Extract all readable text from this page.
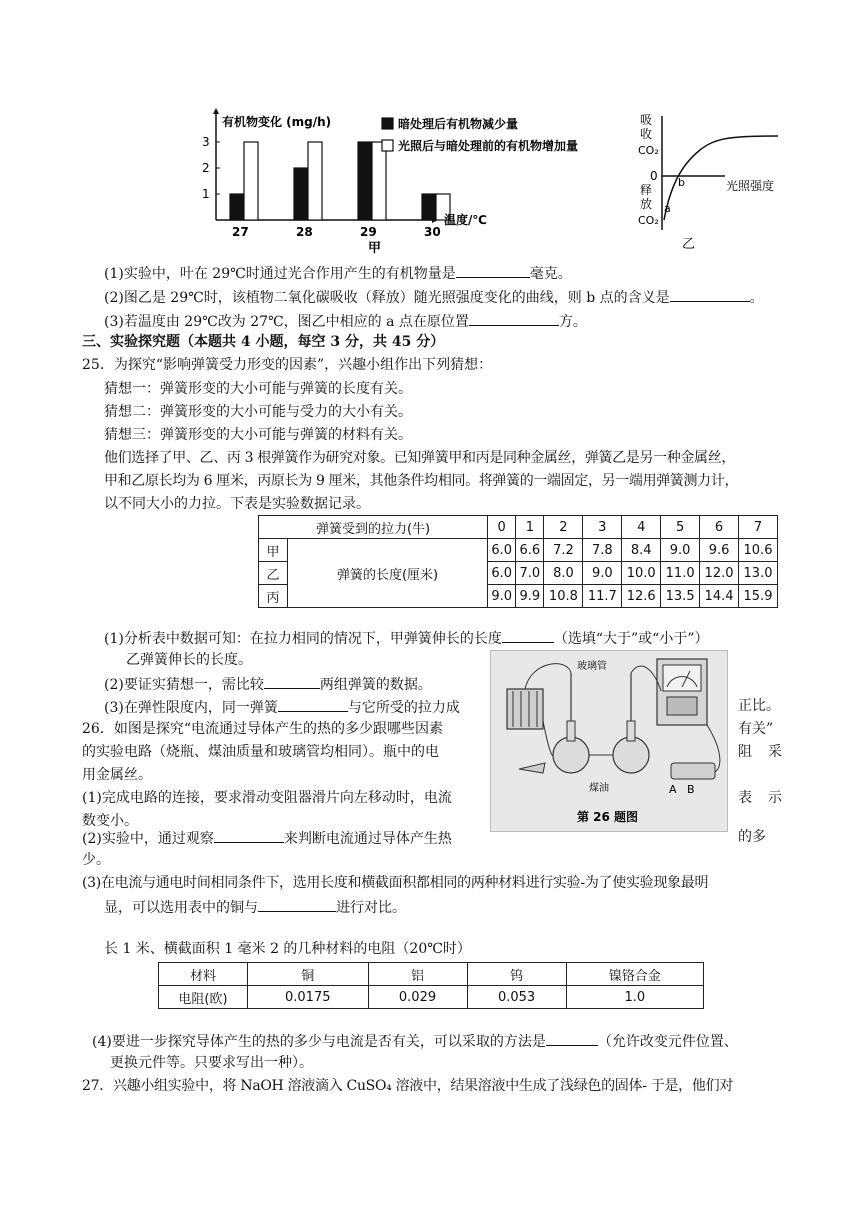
1
2
3
有机物变化 (mg/h)
27	28	29	30
温度/℃
甲
暗处理后有机物减少量
光照后与暗处理前的有机物增加量
吸
收
CO₂
0
释
放
CO₂
a
b	光照强度
乙
(1)实验中，叶在 29℃时通过光合作用产生的有机物量是	毫克。
(2)图乙是 29℃时，该植物二氧化碳吸收（释放）随光照强度变化的曲线，则 b 点的含义是	。
(3)若温度由 29℃改为 27℃，图乙中相应的 a 点在原位置	方。
三、实验探究题（本题共 4 小题，每空 3 分，共 45 分）
25．为探究“影响弹簧受力形变的因素”，兴趣小组作出下列猜想：
猜想一：弹簧形变的大小可能与弹簧的长度有关。
猜想二：弹簧形变的大小可能与受力的大小有关。
猜想三：弹簧形变的大小可能与弹簧的材料有关。
他们选择了甲、乙、丙 3 根弹簧作为研究对象。已知弹簧甲和丙是同种金属丝，弹簧乙是另一种金属丝，
甲和乙原长均为 6 厘米，丙原长为 9 厘米，其他条件均相同。将弹簧的一端固定，另一端用弹簧测力计，
以不同大小的力拉。下表是实验数据记录。
弹簧受到的拉力(牛)		0	1	2	3	4	5	6	7
甲	弹簧的长度(厘米)	6.0	6.6	7.2	7.8	8.4	9.0	9.6	10.6
乙		6.0	7.0	8.0	9.0	10.0	11.0	12.0	13.0
丙		9.0	9.9	10.8	11.7	12.6	13.5	14.4	15.9
(1)分析表中数据可知：在拉力相同的情况下，甲弹簧伸长的长度	（选填“大于”或“小于”）
乙弹簧伸长的长度。
(2)要证实猜想一，需比较	两组弹簧的数据。
(3)在弹性限度内，同一弹簧	与它所受的拉力成	正比。
26．如图是探究“电流通过导体产生的热的多少跟哪些因素	有关”
的实验电路（烧瓶、煤油质量和玻璃管均相同）。瓶中的电	阻 采
用金属丝。
(1)完成电路的连接，要求滑动变阻器滑片向左移动时，电流	表 示
数变小。
(2)实验中，通过观察	来判断电流通过导体产生热	的多
少。
玻璃管
煤油	A B
第 26 题图
(3)在电流与通电时间相同条件下，选用长度和横截面积都相同的两种材料进行实验-为了使实验现象最明
显，可以选用表中的铜与	进行对比。
长 1 米、横截面积 1 毫米 2 的几种材料的电阻（20℃时）
材料	铜	铝	钨	镍铬合金
电阻(欧)	0.0175	0.029	0.053	1.0
(4)要进一步探究导体产生的热的多少与电流是否有关，可以采取的方法是	（允许改变元件位置、
更换元件等。只要求写出一种）。
27．兴趣小组实验中，将 NaOH 溶液滴入 CuSO₄ 溶液中，结果溶液中生成了浅绿色的固体- 于是，他们对
